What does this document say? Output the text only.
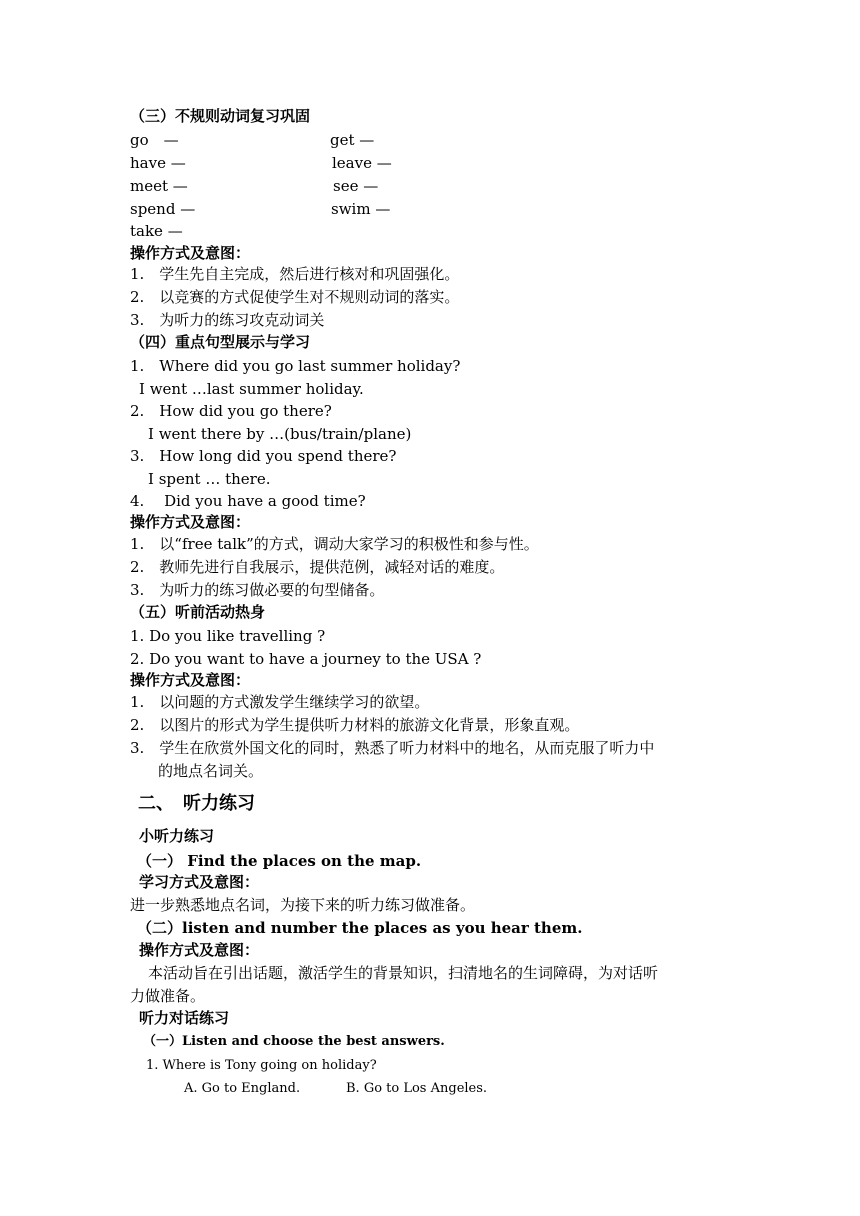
（三）不规则动词复习巩固
go　—	get —
have —	leave —
meet —	see —
spend —	swim —
take —
操作方式及意图：
1.　学生先自主完成，然后进行核对和巩固强化。
2.　以竞赛的方式促使学生对不规则动词的落实。
3.　为听力的练习攻克动词关
（四）重点句型展示与学习
1.　Where did you go last summer holiday?
I went …last summer holiday.
2.　How did you go there?
I went there by …(bus/train/plane)
3.　How long did you spend there?
I spent … there.
4.　 Did you have a good time?
操作方式及意图：
1.　以“free talk”的方式，调动大家学习的积极性和参与性。
2.　教师先进行自我展示，提供范例，减轻对话的难度。
3.　为听力的练习做必要的句型储备。
（五）听前活动热身
1. Do you like travelling ?
2. Do you want to have a journey to the USA ?
操作方式及意图：
1.　以问题的方式激发学生继续学习的欲望。
2.　以图片的形式为学生提供听力材料的旅游文化背景，形象直观。
3.　学生在欣赏外国文化的同时，熟悉了听力材料中的地名，从而克服了听力中
的地点名词关。
二、　听力练习
小听力练习
（一） Find the places on the map.
学习方式及意图：
进一步熟悉地点名词，为接下来的听力练习做准备。
（二）listen and number the places as you hear them.
操作方式及意图：
本活动旨在引出话题，激活学生的背景知识，扫清地名的生词障碍，为对话听
力做准备。
听力对话练习
（一）Listen and choose the best answers.
1. Where is Tony going on holiday?
A. Go to England.	B. Go to Los Angeles.
